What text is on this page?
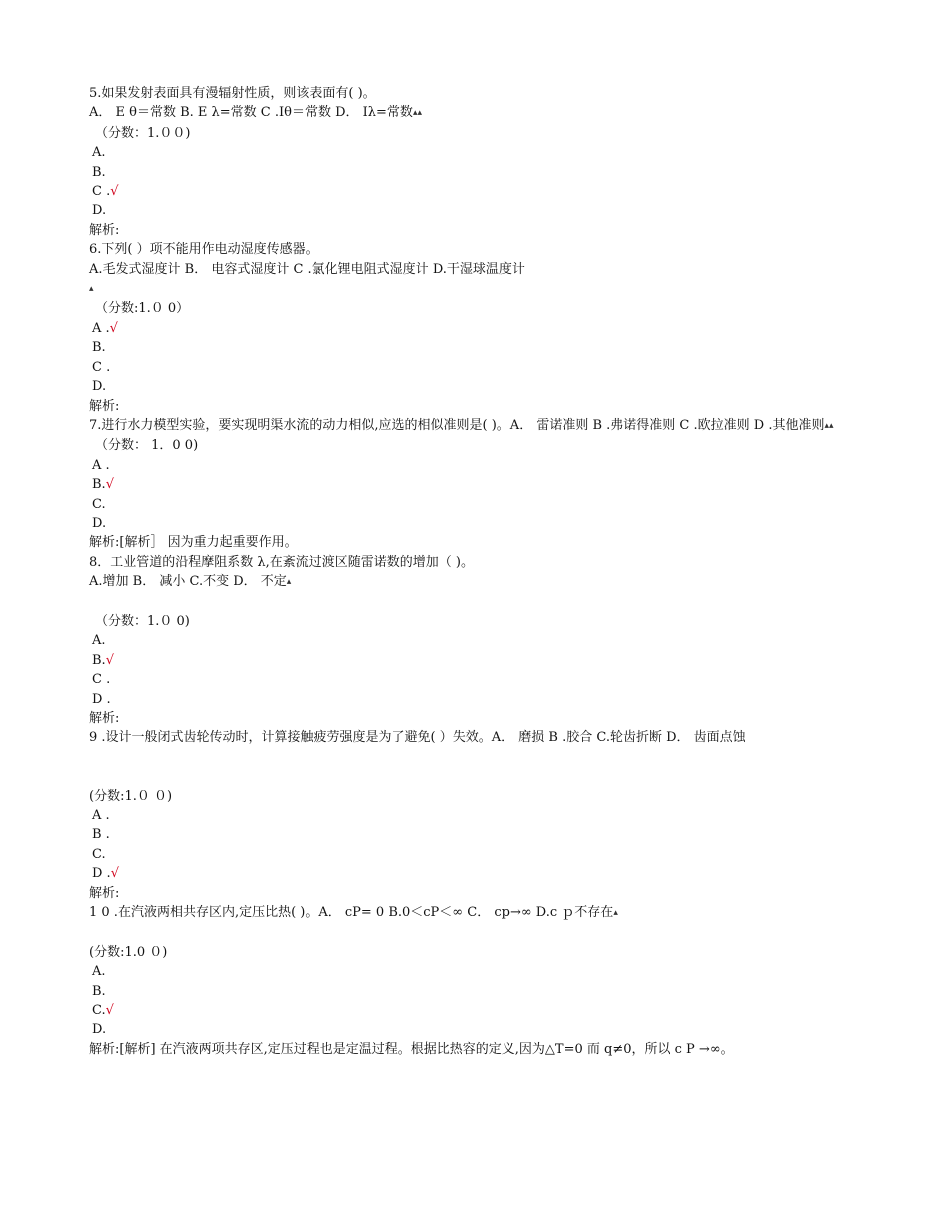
5.如果发射表面具有漫辐射性质，则该表面有( )。
A． E θ＝常数 B. E λ=常数 C .Iθ＝常数 D． Iλ=常数▴▴
（分数：1.００)
A.
B.
C .√
D.
解析:
6.下列( ）项不能用作电动湿度传感器。
A.毛发式湿度计 B． 电容式湿度计 C .氯化锂电阻式湿度计 D.干湿球温度计
▴
（分数:1.０ 0）
A .√
B.
C .
D.
解析:
7.进行水力模型实验，要实现明渠水流的动力相似,应选的相似准则是( )。A． 雷诺准则 B .弗诺得准则 C .欧拉准则 D .其他准则▴▴
（分数： 1．0 0)
A .
B.√
C.
D.
解析:[解析］ 因为重力起重要作用。
8．工业管道的沿程摩阻系数 λ,在紊流过渡区随雷诺数的增加（ )。
A.增加 B． 减小 C.不变 D． 不定▴
（分数：1.０ 0)
A.
B.√
C .
D .
解析:
9 .设计一般闭式齿轮传动时，计算接触疲劳强度是为了避免( ）失效。A． 磨损 B .胶合 C.轮齿折断 D． 齿面点蚀
(分数:1.０ ０)
A .
B .
C.
D .√
解析:
1 0 .在汽液两相共存区内,定压比热( )。A． cP= 0 B.0＜cP＜∞ C． cp→∞ D.c ｐ不存在▴
(分数:1.0 ０)
A.
B.
C.√
D.
解析:[解析] 在汽液两项共存区,定压过程也是定温过程。根据比热容的定义,因为△T=0 而 q≠0，所以 c P →∞。
